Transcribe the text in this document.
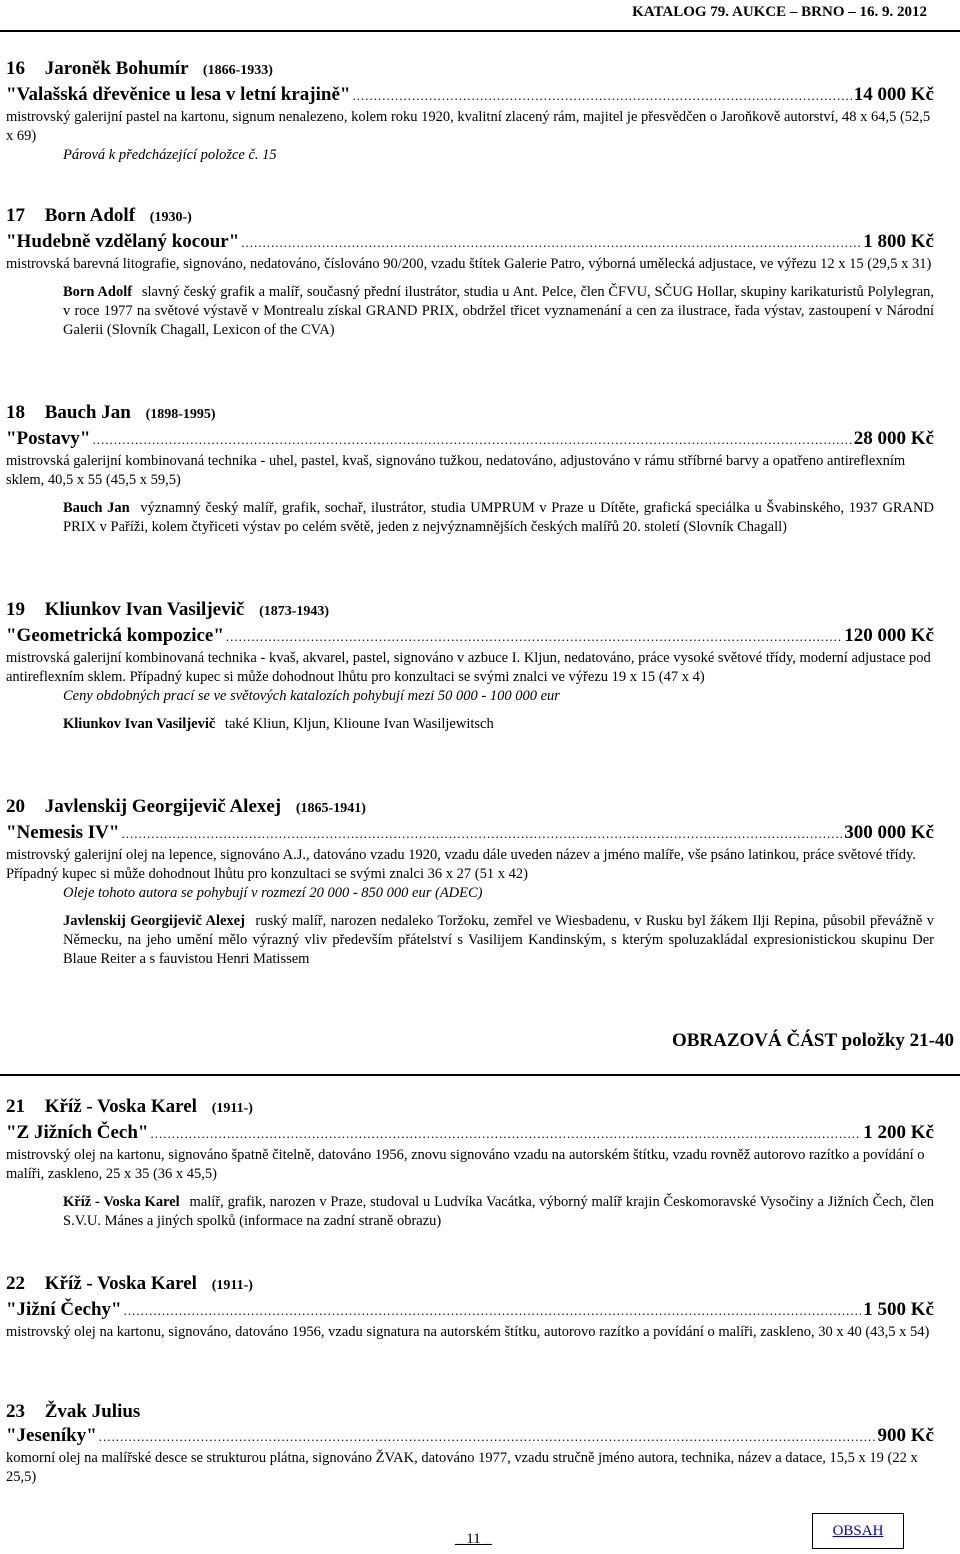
KATALOG 79. AUKCE – BRNO – 16. 9. 2012
16 Jaroněk Bohumír (1866-1933)
"Valašská dřevěnice u lesa v letní krajině" .....	14 000 Kč
mistrovský galerijní pastel na kartonu, signum nenalezeno, kolem roku 1920, kvalitní zlacený rám, majitel je přesvědčen o Jaroňkově autorství, 48 x 64,5 (52,5 x 69)
Párová k předcházející položce č. 15
17 Born Adolf (1930-)
"Hudebně vzdělaný kocour" .....	1 800 Kč
mistrovská barevná litografie, signováno, nedatováno, číslováno 90/200, vzadu štítek Galerie Patro, výborná umělecká adjustace, ve výřezu 12 x 15 (29,5 x 31)
Born Adolf slavný český grafik a malíř, současný přední ilustrátor, studia u Ant. Pelce, člen ČFVU, SČUG Hollar, skupiny karikaturistů Polylegran, v roce 1977 na světové výstavě v Montrealu získal GRAND PRIX, obdržel třicet vyznamenání a cen za ilustrace, řada výstav, zastoupení v Národní Galerii (Slovník Chagall, Lexicon of the CVA)
18 Bauch Jan (1898-1995)
"Postavy" .....	28 000 Kč
mistrovská galerijní kombinovaná technika - uhel, pastel, kvaš, signováno tužkou, nedatováno, adjustováno v rámu stříbrné barvy a opatřeno antireflexním sklem, 40,5 x 55 (45,5 x 59,5)
Bauch Jan významný český malíř, grafik, sochař, ilustrátor, studia UMPRUM v Praze u Dítěte, grafická speciálka u Švabinského, 1937 GRAND PRIX v Paříži, kolem čtyřiceti výstav po celém světě, jeden z nejvýznamnějších českých malířů 20. století (Slovník Chagall)
19 Kliunkov Ivan Vasiljevič (1873-1943)
"Geometrická kompozice" .....	120 000 Kč
mistrovská galerijní kombinovaná technika - kvaš, akvarel, pastel, signováno v azbuce I. Kljun, nedatováno, práce vysoké světové třídy, moderní adjustace pod antireflexním sklem. Případný kupec si může dohodnout lhůtu pro konzultaci se svými znalci ve výřezu 19 x 15 (47 x 4)
Ceny obdobných prací se ve světových katalozích pohybují mezi 50 000 - 100 000 eur
Kliunkov Ivan Vasiljevič také Kliun, Kljun, Klioune Ivan Wasiljewitsch
20 Javlenskij Georgijevič Alexej (1865-1941)
"Nemesis IV" .....	300 000 Kč
mistrovský galerijní olej na lepence, signováno A.J., datováno vzadu 1920, vzadu dále uveden název a jméno malíře, vše psáno latinkou, práce světové třídy. Případný kupec si může dohodnout lhůtu pro konzultaci se svými znalci 36 x 27 (51 x 42)
Oleje tohoto autora se pohybují v rozmezí 20 000 - 850 000 eur (ADEC)
Javlenskij Georgijevič Alexej ruský malíř, narozen nedaleko Toržoku, zemřel ve Wiesbadenu, v Rusku byl žákem Ilji Repina, působil převážně v Německu, na jeho umění mělo výrazný vliv především přátelství s Vasilijem Kandinským, s kterým spoluzakládal expresionistickou skupinu Der Blaue Reiter a s fauvistou Henri Matissem
OBRAZOVÁ ČÁST položky 21-40
21 Kříž - Voska Karel (1911-)
"Z Jižních Čech" .....	1 200 Kč
mistrovský olej na kartonu, signováno špatně čitelně, datováno 1956, znovu signováno vzadu na autorském štítku, vzadu rovněž autorovo razítko a povídání o malíři, zaskleno, 25 x 35 (36 x 45,5)
Kříž - Voska Karel malíř, grafik, narozen v Praze, studoval u Ludvíka Vacátka, výborný malíř krajin Českomoravské Vysočiny a Jižních Čech, člen S.V.U. Mánes a jiných spolků (informace na zadní straně obrazu)
22 Kříž - Voska Karel (1911-)
"Jižní Čechy" .....	1 500 Kč
mistrovský olej na kartonu, signováno, datováno 1956, vzadu signatura na autorském štítku, autorovo razítko a povídání o malíři, zaskleno, 30 x 40 (43,5 x 54)
23 Žvak Julius
"Jeseníky" .....	900 Kč
komorní olej na malířské desce se strukturou plátna, signováno ŽVAK, datováno 1977, vzadu stručně jméno autora, technika, název a datace, 15,5 x 19 (22 x 25,5)
_ 11 _
OBSAH
